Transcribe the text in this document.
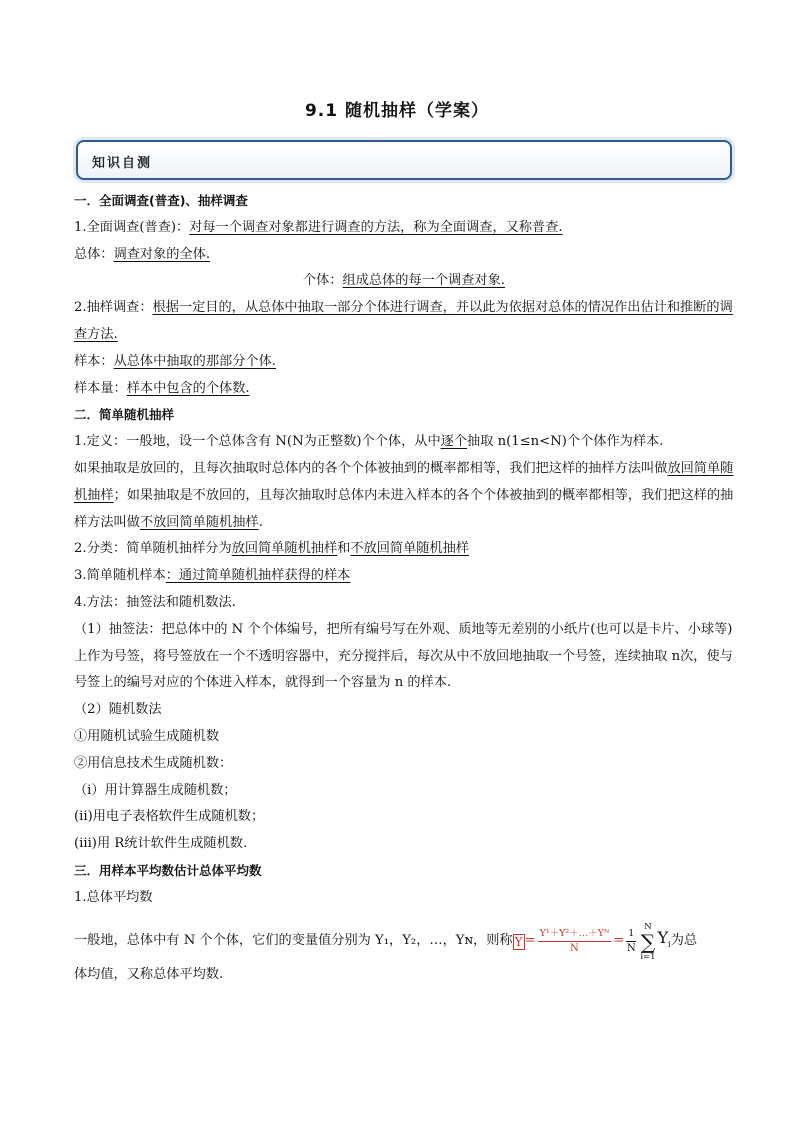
9.1 随机抽样（学案）
知识自测

一．全面调查(普查)、抽样调查

1.全面调查(普查)：对每一个调查对象都进行调查的方法，称为全面调查，又称普查.

总体：调查对象的全体.

个体：组成总体的每一个调查对象.

2.抽样调查：根据一定目的，从总体中抽取一部分个体进行调查，并以此为依据对总体的情况作出估计和推断的调查方法.

样本：从总体中抽取的那部分个体.

样本量：样本中包含的个体数.

二．简单随机抽样

1.定义：一般地，设一个总体含有 N(N为正整数)个个体，从中逐个抽取 n(1≤n<N)个个体作为样本.

如果抽取是放回的，且每次抽取时总体内的各个个体被抽到的概率都相等，我们把这样的抽样方法叫做放回简单随机抽样；如果抽取是不放回的，且每次抽取时总体内未进入样本的各个个体被抽到的概率都相等，我们把这样的抽样方法叫做不放回简单随机抽样.

2.分类：简单随机抽样分为放回简单随机抽样和不放回简单随机抽样

3.简单随机样本：通过简单随机抽样获得的样本

4.方法：抽签法和随机数法.

（1）抽签法：把总体中的 N 个个体编号，把所有编号写在外观、质地等无差别的小纸片(也可以是卡片、小球等)上作为号签，将号签放在一个不透明容器中，充分搅拌后，每次从中不放回地抽取一个号签，连续抽取 n次，使与号签上的编号对应的个体进入样本，就得到一个容量为 n 的样本.

（2）随机数法

①用随机试验生成随机数

②用信息技术生成随机数：

（i）用计算器生成随机数；

(ii)用电子表格软件生成随机数；

(iii)用 R统计软件生成随机数.

三．用样本平均数估计总体平均数

1.总体平均数

一般地，总体中有 N 个个体，它们的变量值分别为 Y₁，Y₂，…，Yɴ，则称 $Y = \frac{\text{Y¹＋Y²＋…＋Yᴺ}}{N} = \frac{1}{N}$
N
∑
i=1
$Y_i$ 为总

体均值，又称总体平均数.
